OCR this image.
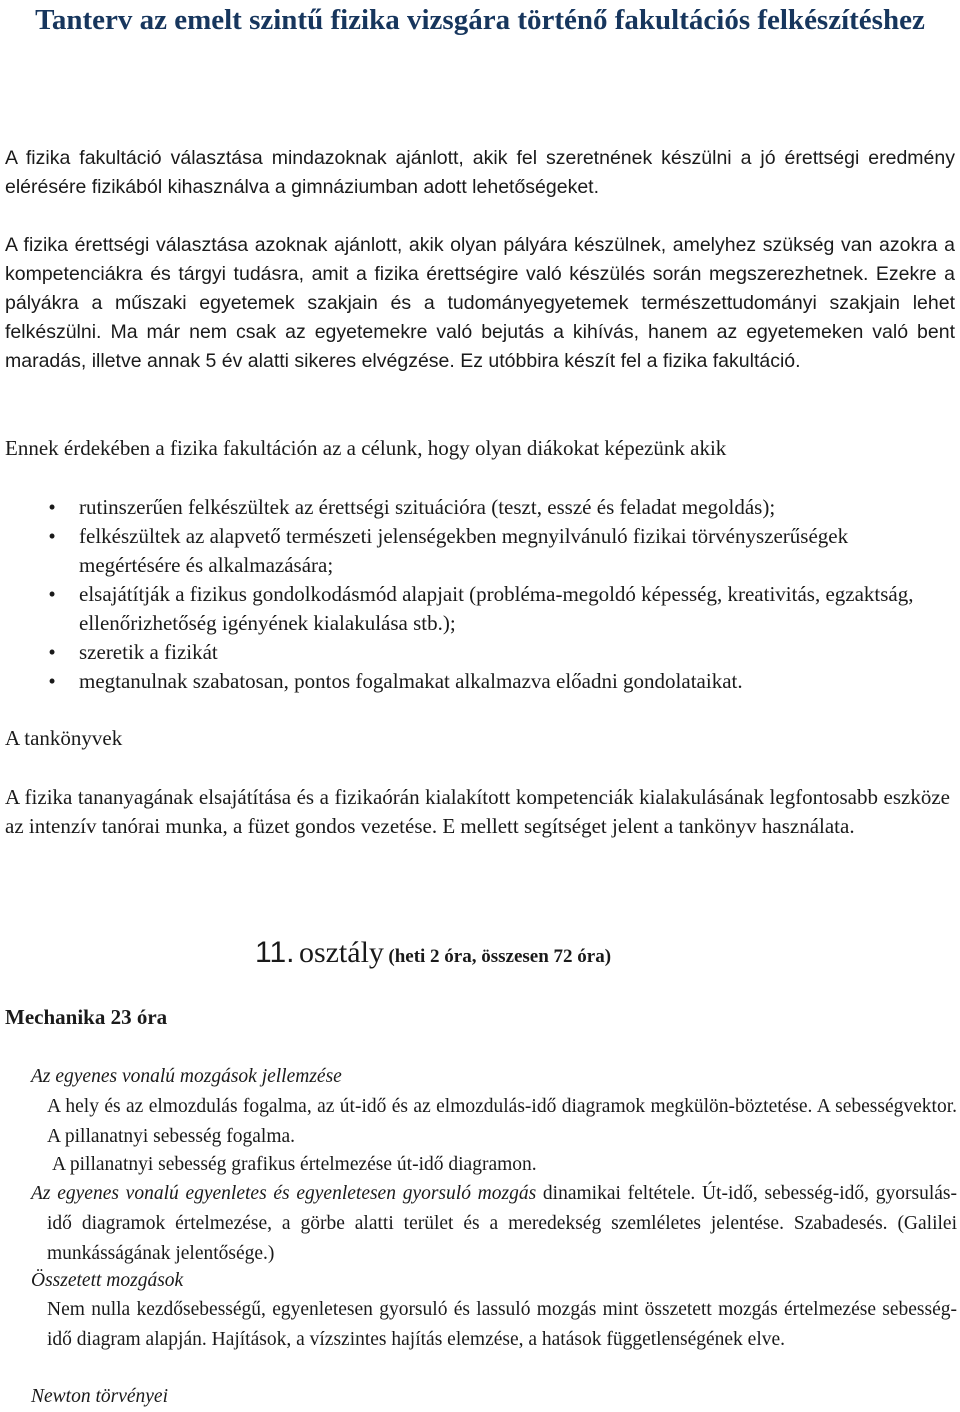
Tanterv az emelt szintű fizika vizsgára történő fakultációs felkészítéshez

A fizika fakultáció választása mindazoknak ajánlott, akik fel szeretnének készülni a jó érettségi eredmény elérésére fizikából kihasználva a gimnáziumban adott lehetőségeket.

A fizika érettségi választása azoknak ajánlott, akik olyan pályára készülnek, amelyhez szükség van azokra a kompetenciákra és tárgyi tudásra, amit a fizika érettségire való készülés során megszerezhetnek. Ezekre a pályákra a műszaki egyetemek szakjain és a tudományegyetemek természettudományi szakjain lehet felkészülni. Ma már nem csak az egyetemekre való bejutás a kihívás, hanem az egyetemeken való bent maradás, illetve annak 5 év alatti sikeres elvégzése. Ez utóbbira készít fel a fizika fakultáció.

Ennek érdekében a fizika fakultáción az a célunk, hogy olyan diákokat képezünk akik

• rutinszerűen felkészültek az érettségi szituációra (teszt, esszé és feladat megoldás);
• felkészültek az alapvető természeti jelenségekben megnyilvánuló fizikai törvényszerűségek megértésére és alkalmazására;
• elsajátítják a fizikus gondolkodásmód alapjait (probléma-megoldó képesség, kreativitás, egzaktság, ellenőrizhetőség igényének kialakulása stb.);
• szeretik a fizikát
• megtanulnak szabatosan, pontos fogalmakat alkalmazva előadni gondolataikat.

A tankönyvek

A fizika tananyagának elsajátítása és a fizikaórán kialakított kompetenciák kialakulásának legfontosabb eszköze az intenzív tanórai munka, a füzet gondos vezetése. E mellett segítséget jelent a tankönyv használata.

11. osztály (heti 2 óra, összesen 72 óra)

Mechanika 23 óra

Az egyenes vonalú mozgások jellemzése

A hely és az elmozdulás fogalma, az út-idő és az elmozdulás-idő diagramok megkülön-böztetése. A sebességvektor. A pillanatnyi sebesség fogalma.

A pillanatnyi sebesség grafikus értelmezése út-idő diagramon.

Az egyenes vonalú egyenletes és egyenletesen gyorsuló mozgás dinamikai feltétele. Út-idő, sebesség-idő, gyorsulás-idő diagramok értelmezése, a görbe alatti terület és a meredekség szemléletes jelentése. Szabadesés. (Galilei munkásságának jelentősége.)

Összetett mozgások

Nem nulla kezdősebességű, egyenletesen gyorsuló és lassuló mozgás mint összetett mozgás értelmezése sebesség-idő diagram alapján. Hajítások, a vízszintes hajítás elemzése, a hatások függetlenségének elve.

Newton törvényei
